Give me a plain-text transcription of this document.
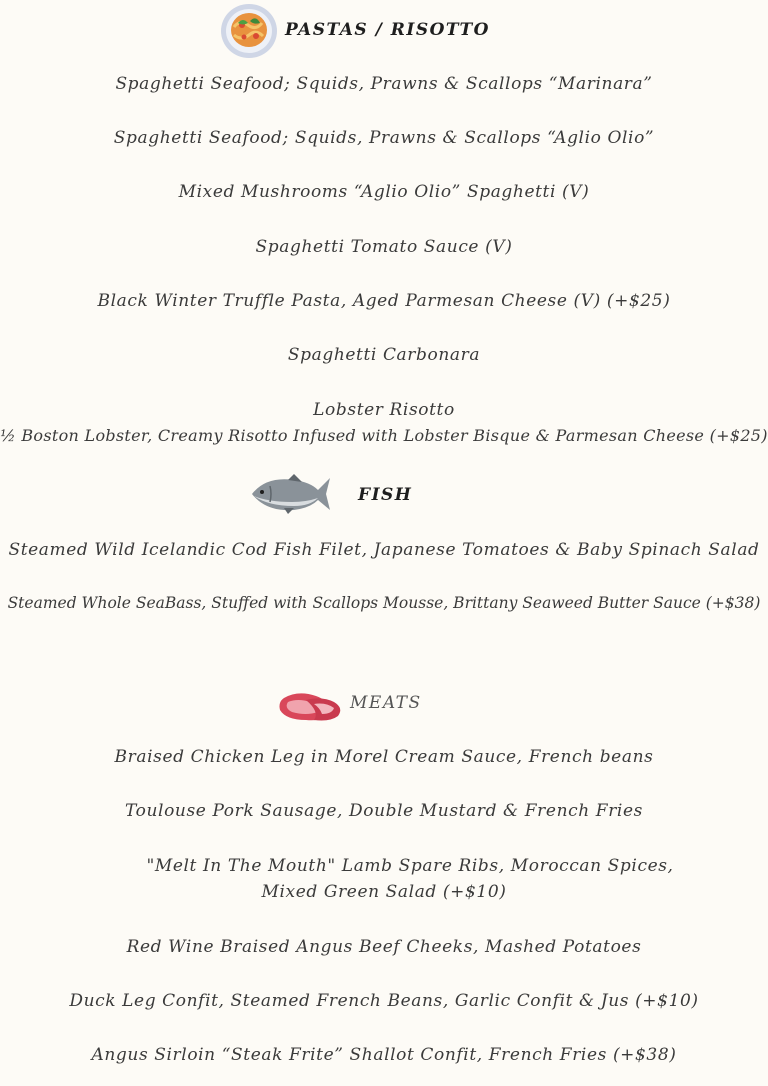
PASTAS / RISOTTO
Spaghetti Seafood; Squids, Prawns & Scallops “Marinara”
Spaghetti Seafood; Squids, Prawns & Scallops “Aglio Olio”
Mixed Mushrooms “Aglio Olio” Spaghetti (V)
Spaghetti Tomato Sauce (V)
Black Winter Truffle Pasta, Aged Parmesan Cheese (V) (+$25)
Spaghetti Carbonara
Lobster Risotto
½ Boston Lobster, Creamy Risotto Infused with Lobster Bisque & Parmesan Cheese (+$25)
FISH
Steamed Wild Icelandic Cod Fish Filet, Japanese Tomatoes & Baby Spinach Salad
Steamed Whole SeaBass, Stuffed with Scallops Mousse, Brittany Seaweed Butter Sauce (+$38)
MEATS
Braised Chicken Leg in Morel Cream Sauce, French beans
Toulouse Pork Sausage, Double Mustard & French Fries
"Melt In The Mouth" Lamb Spare Ribs, Moroccan Spices,
Mixed Green Salad (+$10)
Red Wine Braised Angus Beef Cheeks, Mashed Potatoes
Duck Leg Confit, Steamed French Beans, Garlic Confit & Jus (+$10)
Angus Sirloin “Steak Frite” Shallot Confit, French Fries (+$38)
